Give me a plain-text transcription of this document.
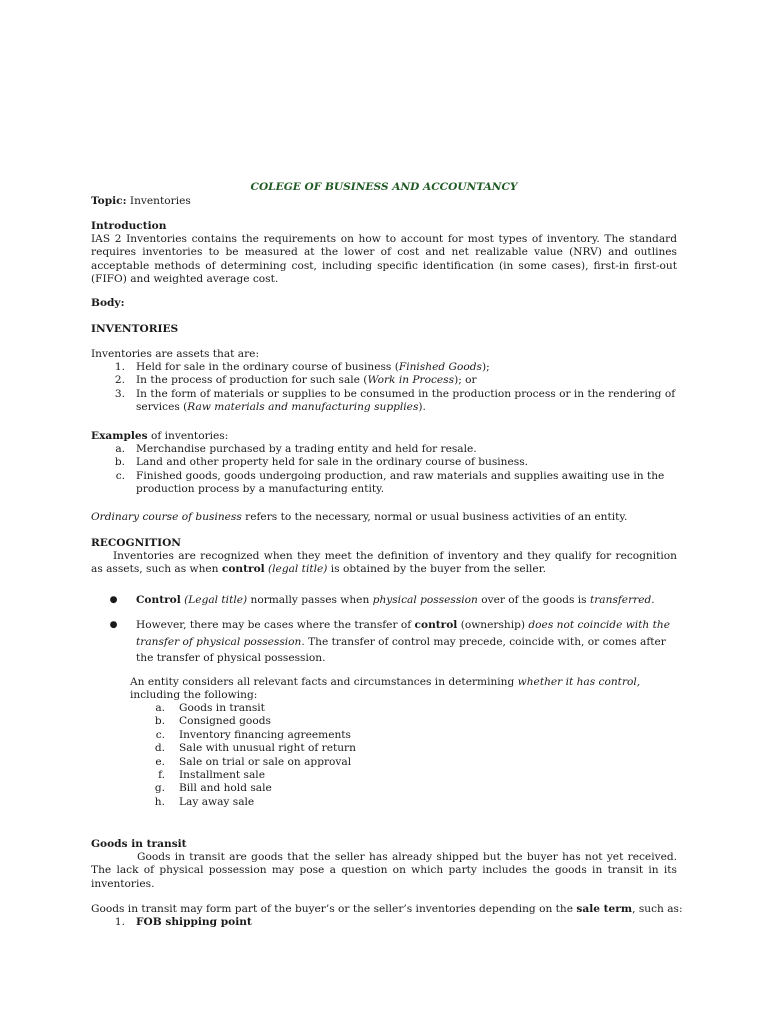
COLEGE OF BUSINESS AND ACCOUNTANCY
Topic: Inventories
Introduction
IAS 2 Inventories contains the requirements on how to account for most types of inventory. The standard requires inventories to be measured at the lower of cost and net realizable value (NRV) and outlines acceptable methods of determining cost, including specific identification (in some cases), first-in first-out (FIFO) and weighted average cost.
Body:
INVENTORIES
Inventories are assets that are:
1.	Held for sale in the ordinary course of business (Finished Goods);
2.	In the process of production for such sale (Work in Process); or
3.	In the form of materials or supplies to be consumed in the production process or in the rendering of services (Raw materials and manufacturing supplies).
Examples of inventories:
a.	Merchandise purchased by a trading entity and held for resale.
b.	Land and other property held for sale in the ordinary course of business.
c.	Finished goods, goods undergoing production, and raw materials and supplies awaiting use in the production process by a manufacturing entity.
Ordinary course of business refers to the necessary, normal or usual business activities of an entity.
RECOGNITION
Inventories are recognized when they meet the definition of inventory and they qualify for recognition as assets, such as when control (legal title) is obtained by the buyer from the seller.
●	Control (Legal title) normally passes when physical possession over of the goods is transferred.
●	However, there may be cases where the transfer of control (ownership) does not coincide with the transfer of physical possession. The transfer of control may precede, coincide with, or comes after the transfer of physical possession.
An entity considers all relevant facts and circumstances in determining whether it has control,
including the following:
a.	Goods in transit
b.	Consigned goods
c.	Inventory financing agreements
d.	Sale with unusual right of return
e.	Sale on trial or sale on approval
f.	Installment sale
g.	Bill and hold sale
h.	Lay away sale
Goods in transit
Goods in transit are goods that the seller has already shipped but the buyer has not yet received. The lack of physical possession may pose a question on which party includes the goods in transit in its inventories.
Goods in transit may form part of the buyer’s or the seller’s inventories depending on the sale term, such as:
1.	FOB shipping point
